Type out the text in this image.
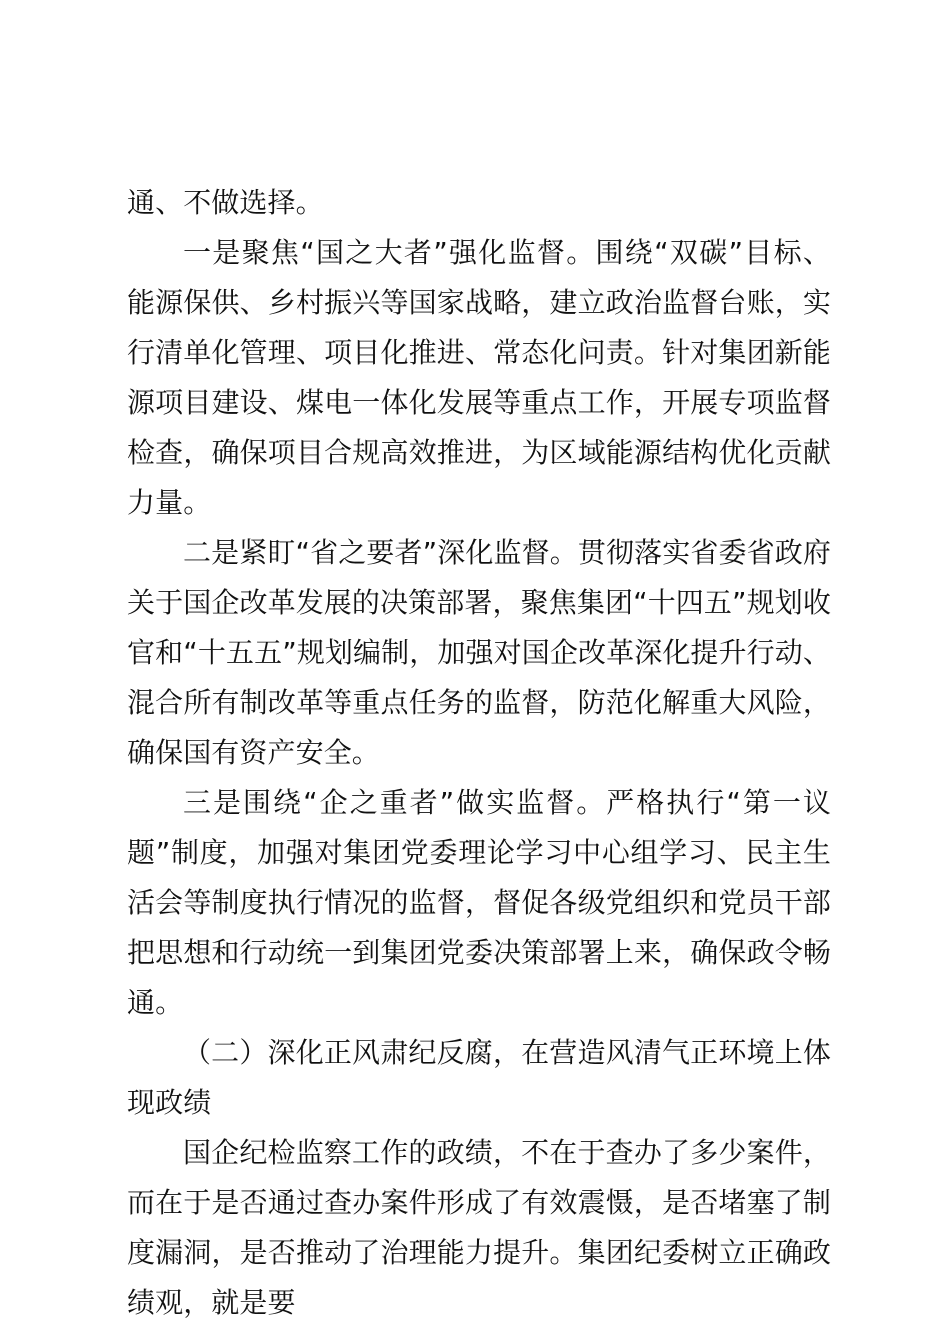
通、不做选择。

一是聚焦“国之大者”强化监督。围绕“双碳”目标、能源保供、乡村振兴等国家战略，建立政治监督台账，实行清单化管理、项目化推进、常态化问责。针对集团新能源项目建设、煤电一体化发展等重点工作，开展专项监督检查，确保项目合规高效推进，为区域能源结构优化贡献力量。

二是紧盯“省之要者”深化监督。贯彻落实省委省政府关于国企改革发展的决策部署，聚焦集团“十四五”规划收官和“十五五”规划编制，加强对国企改革深化提升行动、混合所有制改革等重点任务的监督，防范化解重大风险，确保国有资产安全。

三是围绕“企之重者”做实监督。严格执行“第一议题”制度，加强对集团党委理论学习中心组学习、民主生活会等制度执行情况的监督，督促各级党组织和党员干部把思想和行动统一到集团党委决策部署上来，确保政令畅通。

（二）深化正风肃纪反腐，在营造风清气正环境上体现政绩

国企纪检监察工作的政绩，不在于查办了多少案件，而在于是否通过查办案件形成了有效震慑，是否堵塞了制度漏洞，是否推动了治理能力提升。集团纪委树立正确政绩观，就是要
